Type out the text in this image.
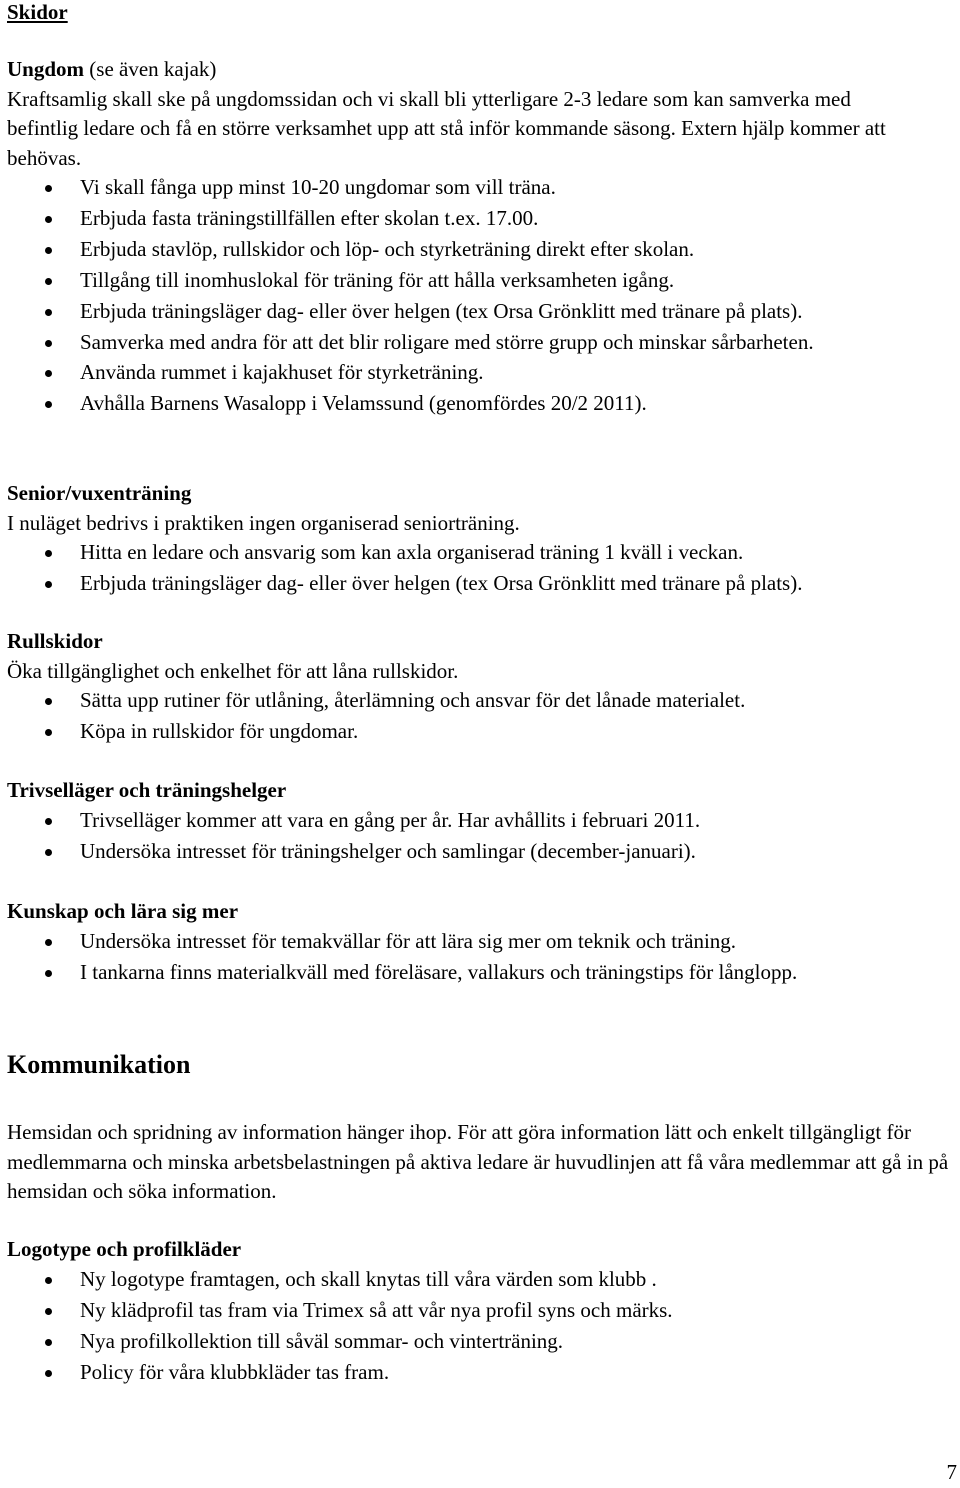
Skidor
Ungdom (se även kajak)
Kraftsamlig skall ske på ungdomssidan och vi skall bli ytterligare 2-3 ledare som kan samverka med befintlig ledare och få en större verksamhet upp att stå inför kommande säsong. Extern hjälp kommer att behövas.
Vi skall fånga upp minst 10-20 ungdomar som vill träna.
Erbjuda fasta träningstillfällen efter skolan t.ex. 17.00.
Erbjuda stavlöp, rullskidor och löp- och styrketräning direkt efter skolan.
Tillgång till inomhuslokal för träning för att hålla verksamheten igång.
Erbjuda träningsläger dag- eller över helgen (tex Orsa Grönklitt med tränare på plats).
Samverka med andra för att det blir roligare med större grupp och minskar sårbarheten.
Använda rummet i kajakhuset för styrketräning.
Avhålla Barnens Wasalopp i Velamssund (genomfördes 20/2 2011).
Senior/vuxenträning
I nuläget bedrivs i praktiken ingen organiserad seniorträning.
Hitta en ledare och ansvarig som kan axla organiserad träning 1 kväll i veckan.
Erbjuda träningsläger dag- eller över helgen (tex Orsa Grönklitt med tränare på plats).
Rullskidor
Öka tillgänglighet och enkelhet för att låna rullskidor.
Sätta upp rutiner för utlåning, återlämning och ansvar för det lånade materialet.
Köpa in rullskidor för ungdomar.
Trivselläger och träningshelger
Trivselläger kommer att vara en gång per år. Har avhållits i februari 2011.
Undersöka intresset för träningshelger och samlingar (december-januari).
Kunskap och lära sig mer
Undersöka intresset för temakvällar för att lära sig mer om teknik och träning.
I tankarna finns materialkväll med föreläsare, vallakurs och träningstips för långlopp.
Kommunikation
Hemsidan och spridning av information hänger ihop. För att göra information lätt och enkelt tillgängligt för medlemmarna och minska arbetsbelastningen på aktiva ledare är huvudlinjen att få våra medlemmar att gå in på hemsidan och söka information.
Logotype och profilkläder
Ny logotype framtagen, och skall knytas till våra värden som klubb .
Ny klädprofil tas fram via Trimex så att vår nya profil syns och märks.
Nya profilkollektion till såväl sommar- och vinterträning.
Policy för våra klubbkläder tas fram.
7
